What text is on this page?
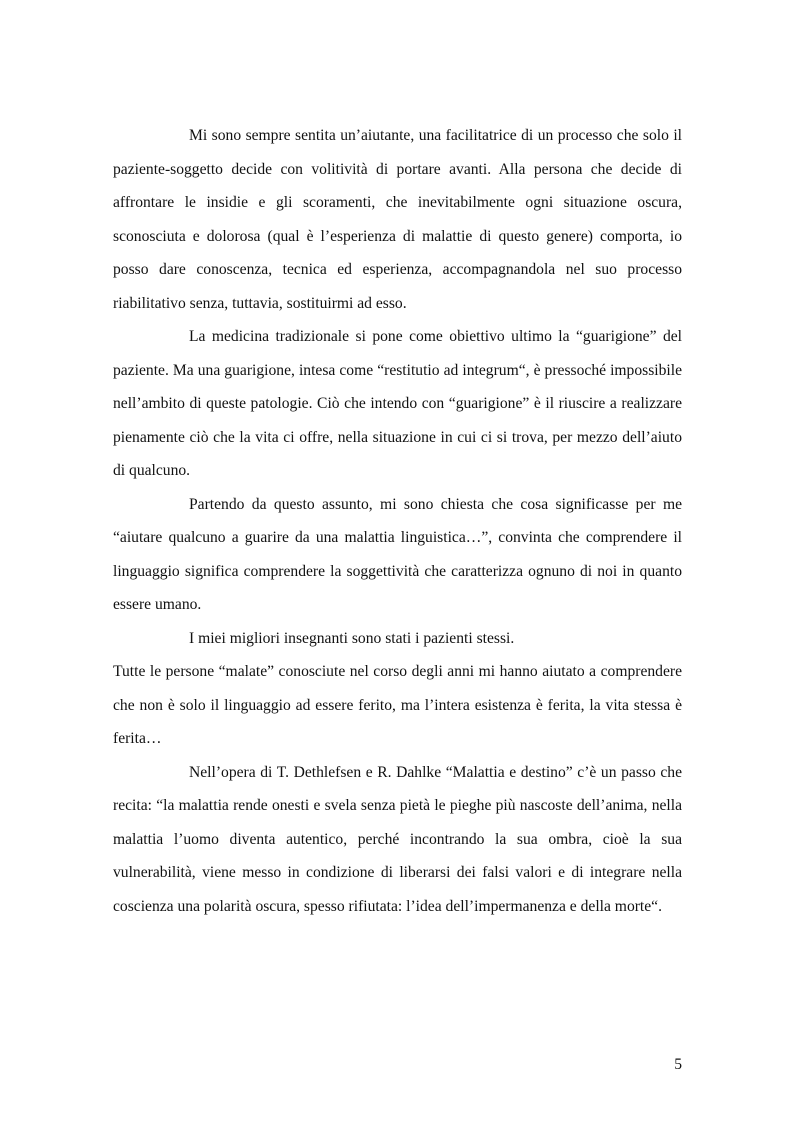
Mi sono sempre sentita un’aiutante, una facilitatrice di un processo che solo il paziente-soggetto decide con volitività di portare avanti. Alla persona che decide di affrontare le insidie e gli scoramenti, che inevitabilmente ogni situazione oscura, sconosciuta e dolorosa (qual è l’esperienza di malattie di questo genere) comporta, io posso dare conoscenza, tecnica ed esperienza, accompagnandola nel suo processo riabilitativo senza, tuttavia, sostituirmi ad esso.

La medicina tradizionale si pone come obiettivo ultimo la “guarigione” del paziente. Ma una guarigione, intesa come “restitutio ad integrum“, è pressoché impossibile nell’ambito di queste patologie. Ciò che intendo con “guarigione” è il riuscire a realizzare pienamente ciò che la vita ci offre, nella situazione in cui ci si trova, per mezzo dell’aiuto di qualcuno.

Partendo da questo assunto, mi sono chiesta che cosa significasse per me “aiutare qualcuno a guarire da una malattia linguistica…”, convinta che comprendere il linguaggio significa comprendere la soggettività che caratterizza ognuno di noi in quanto essere umano.

I miei migliori insegnanti sono stati i pazienti stessi.

Tutte le persone “malate” conosciute nel corso degli anni mi hanno aiutato a comprendere che non è solo il linguaggio ad essere ferito, ma l’intera esistenza è ferita, la vita stessa è ferita…

Nell’opera di T. Dethlefsen e R. Dahlke “Malattia e destino” c’è un passo che recita: “la malattia rende onesti e svela senza pietà le pieghe più nascoste dell’anima, nella malattia l’uomo diventa autentico, perché incontrando la sua ombra, cioè la sua vulnerabilità, viene messo in condizione di liberarsi dei falsi valori e di integrare nella coscienza una polarità oscura, spesso rifiutata: l’idea dell’impermanenza e della morte“.

5
